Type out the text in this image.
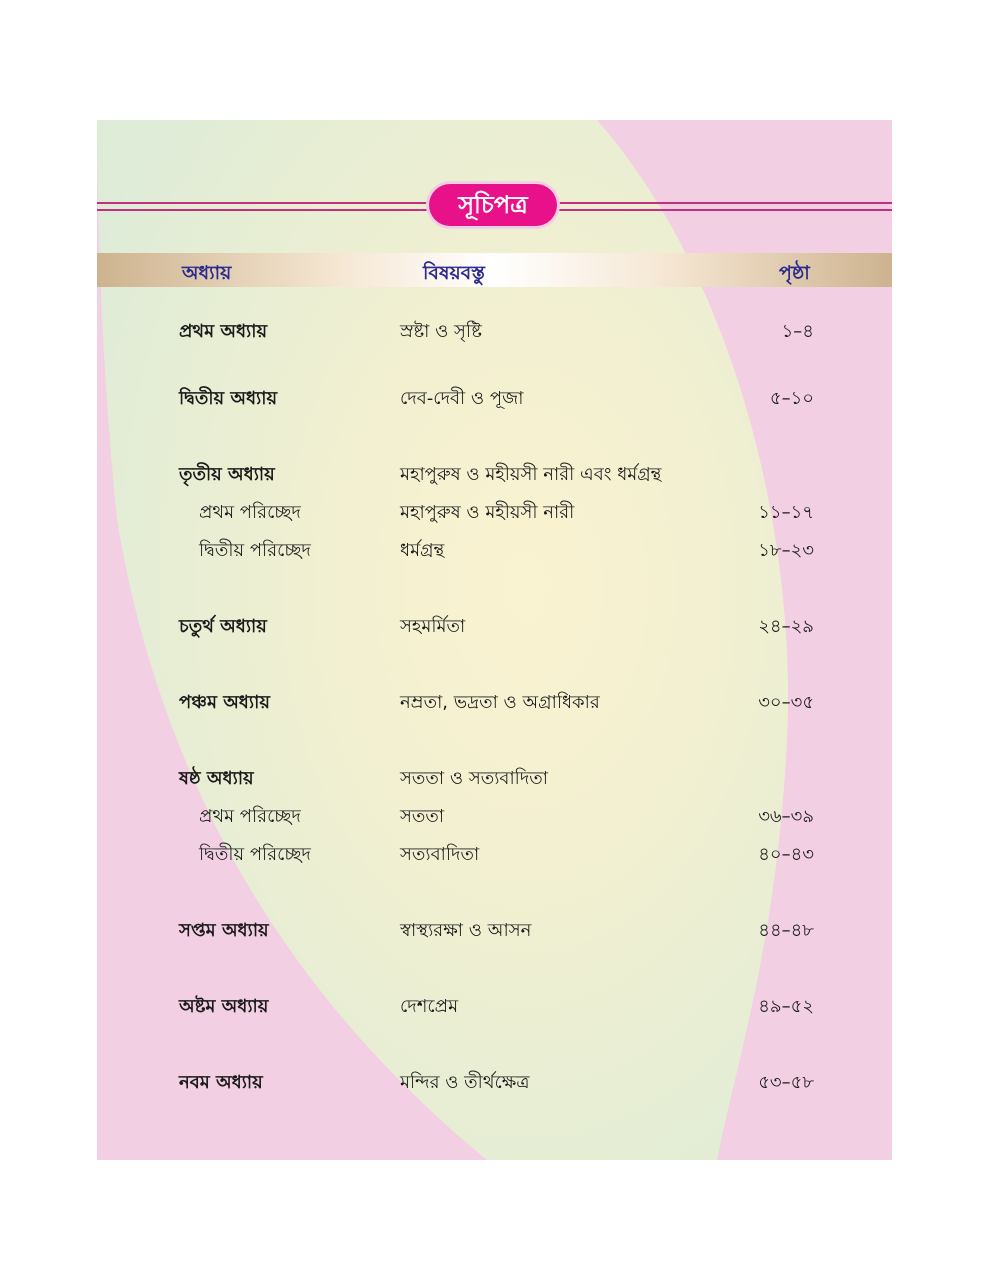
সূচিপত্র
অধ্যায়	বিষয়বস্তু	পৃষ্ঠা
প্রথম অধ্যায়	স্রষ্টা ও সৃষ্টি	১–৪
দ্বিতীয় অধ্যায়	দেব-দেবী ও পূজা	৫–১০
তৃতীয় অধ্যায়	মহাপুরুষ ও মহীয়সী নারী এবং ধর্মগ্রন্থ
প্রথম পরিচ্ছেদ	মহাপুরুষ ও মহীয়সী নারী	১১–১৭
দ্বিতীয় পরিচ্ছেদ	ধর্মগ্রন্থ	১৮–২৩
চতুর্থ অধ্যায়	সহমর্মিতা	২৪–২৯
পঞ্চম অধ্যায়	নম্রতা, ভদ্রতা ও অগ্রাধিকার	৩০–৩৫
ষষ্ঠ অধ্যায়	সততা ও সত্যবাদিতা
প্রথম পরিচ্ছেদ	সততা	৩৬–৩৯
দ্বিতীয় পরিচ্ছেদ	সত্যবাদিতা	৪০–৪৩
সপ্তম অধ্যায়	স্বাস্থ্যরক্ষা ও আসন	৪৪–৪৮
অষ্টম অধ্যায়	দেশপ্রেম	৪৯–৫২
নবম অধ্যায়	মন্দির ও তীর্থক্ষেত্র	৫৩–৫৮
